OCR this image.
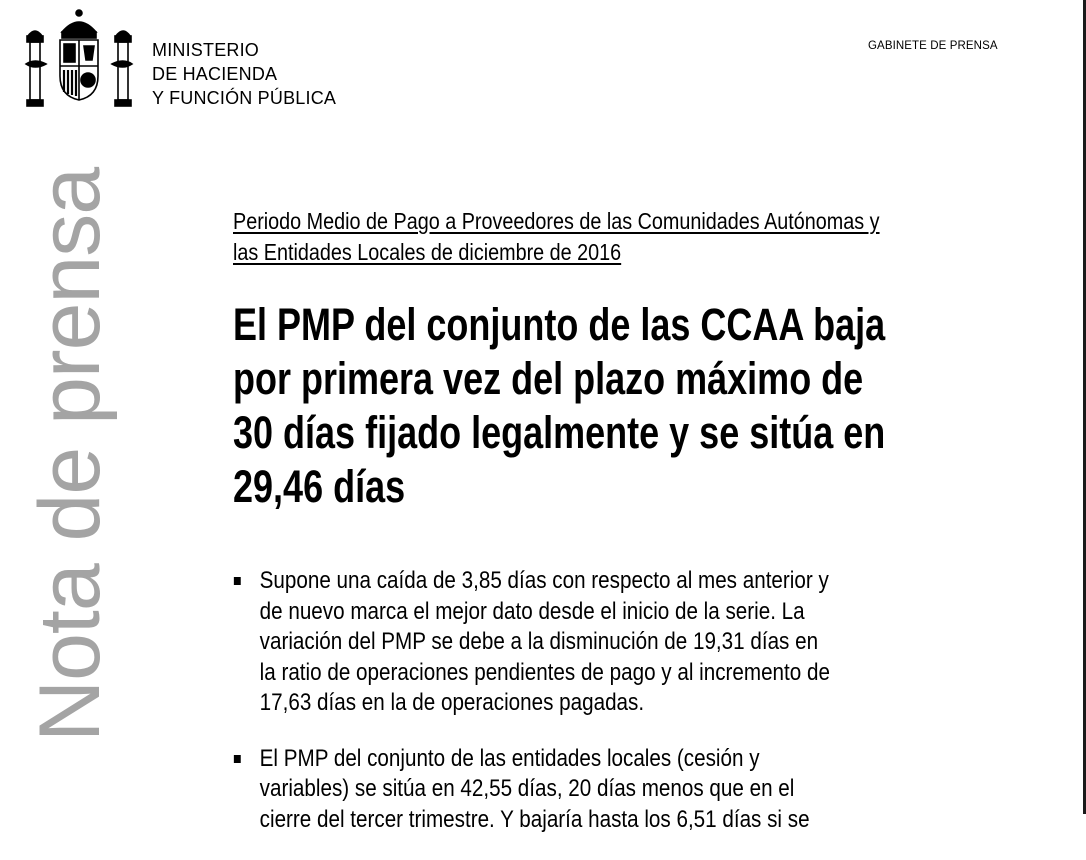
MINISTERIO
DE HACIENDA
Y FUNCIÓN PÚBLICA
GABINETE DE PRENSA
Nota de prensa	Periodo Medio de Pago a Proveedores de las Comunidades Autónomas y
las Entidades Locales de diciembre de 2016
El PMP del conjunto de las CCAA baja
por primera vez del plazo máximo de
30 días fijado legalmente y se sitúa en
29,46 días
Supone una caída de 3,85 días con respecto al mes anterior y
de nuevo marca el mejor dato desde el inicio de la serie. La
variación del PMP se debe a la disminución de 19,31 días en
la ratio de operaciones pendientes de pago y al incremento de
17,63 días en la de operaciones pagadas.
El PMP del conjunto de las entidades locales (cesión y
variables) se sitúa en 42,55 días, 20 días menos que en el
cierre del tercer trimestre. Y bajaría hasta los 6,51 días si se
